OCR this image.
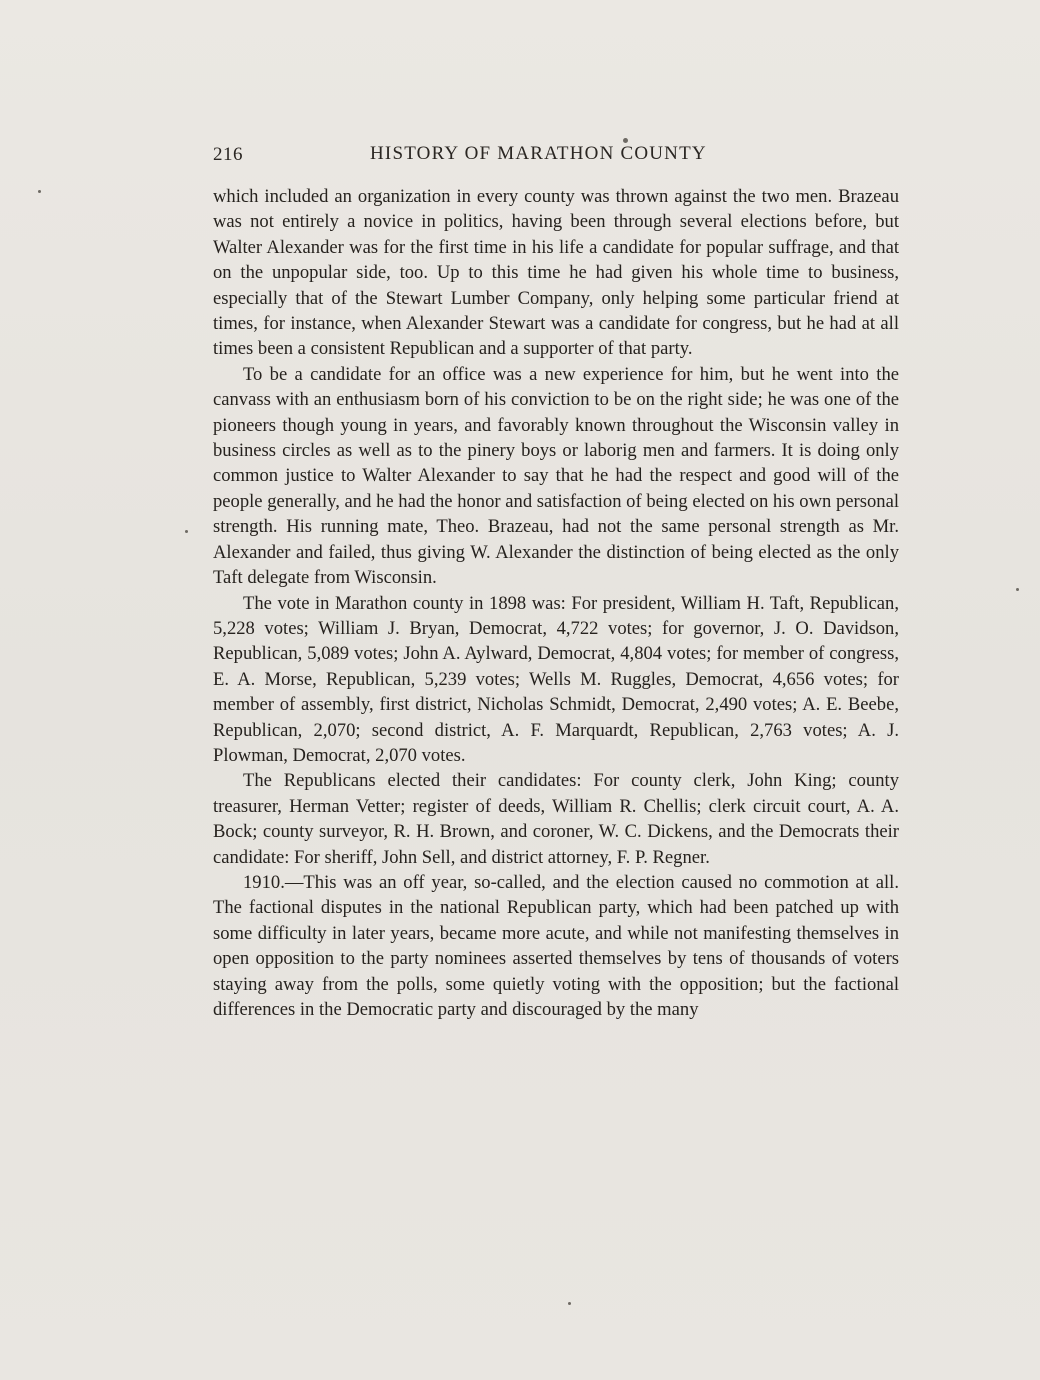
216	HISTORY OF MARATHON COUNTY

which included an organization in every county was thrown against the two men. Brazeau was not entirely a novice in politics, having been through several elections before, but Walter Alexander was for the first time in his life a candidate for popular suffrage, and that on the unpopular side, too. Up to this time he had given his whole time to business, especially that of the Stewart Lumber Company, only helping some particular friend at times, for instance, when Alexander Stewart was a candidate for congress, but he had at all times been a consistent Republican and a supporter of that party.

To be a candidate for an office was a new experience for him, but he went into the canvass with an enthusiasm born of his conviction to be on the right side; he was one of the pioneers though young in years, and favorably known throughout the Wisconsin valley in business circles as well as to the pinery boys or laborig men and farmers. It is doing only common justice to Walter Alexander to say that he had the respect and good will of the people generally, and he had the honor and satisfaction of being elected on his own personal strength. His running mate, Theo. Brazeau, had not the same personal strength as Mr. Alexander and failed, thus giving W. Alexander the distinction of being elected as the only Taft delegate from Wisconsin.

The vote in Marathon county in 1898 was: For president, William H. Taft, Republican, 5,228 votes; William J. Bryan, Democrat, 4,722 votes; for governor, J. O. Davidson, Republican, 5,089 votes; John A. Aylward, Democrat, 4,804 votes; for member of congress, E. A. Morse, Republican, 5,239 votes; Wells M. Ruggles, Democrat, 4,656 votes; for member of assembly, first district, Nicholas Schmidt, Democrat, 2,490 votes; A. E. Beebe, Republican, 2,070; second district, A. F. Marquardt, Republican, 2,763 votes; A. J. Plowman, Democrat, 2,070 votes.

The Republicans elected their candidates: For county clerk, John King; county treasurer, Herman Vetter; register of deeds, William R. Chellis; clerk circuit court, A. A. Bock; county surveyor, R. H. Brown, and coroner, W. C. Dickens, and the Democrats their candidate: For sheriff, John Sell, and district attorney, F. P. Regner.

1910.—This was an off year, so-called, and the election caused no commotion at all. The factional disputes in the national Republican party, which had been patched up with some difficulty in later years, became more acute, and while not manifesting themselves in open opposition to the party nominees asserted themselves by tens of thousands of voters staying away from the polls, some quietly voting with the opposition; but the factional differences in the Democratic party and discouraged by the many
